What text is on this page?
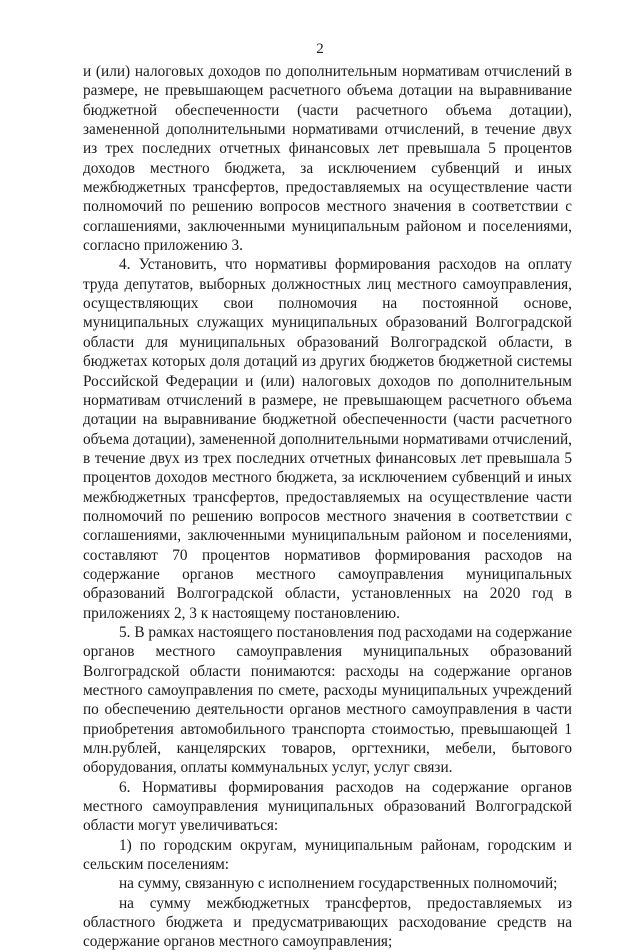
2

и (или) налоговых доходов по дополнительным нормативам отчислений в размере, не превышающем расчетного объема дотации на выравнивание бюджетной обеспеченности (части расчетного объема дотации), замененной дополнительными нормативами отчислений, в течение двух из трех последних отчетных финансовых лет превышала 5 процентов доходов местного бюджета, за исключением субвенций и иных межбюджетных трансфертов, предоставляемых на осуществление части полномочий по решению вопросов местного значения в соответствии с соглашениями, заключенными муниципальным районом и поселениями, согласно приложению 3.

4. Установить, что нормативы формирования расходов на оплату труда депутатов, выборных должностных лиц местного самоуправления, осуществляющих свои полномочия на постоянной основе, муниципальных служащих муниципальных образований Волгоградской области для муниципальных образований Волгоградской области, в бюджетах которых доля дотаций из других бюджетов бюджетной системы Российской Федерации и (или) налоговых доходов по дополнительным нормативам отчислений в размере, не превышающем расчетного объема дотации на выравнивание бюджетной обеспеченности (части расчетного объема дотации), замененной дополнительными нормативами отчислений, в течение двух из трех последних отчетных финансовых лет превышала 5 процентов доходов местного бюджета, за исключением субвенций и иных межбюджетных трансфертов, предоставляемых на осуществление части полномочий по решению вопросов местного значения в соответствии с соглашениями, заключенными муниципальным районом и поселениями, составляют 70 процентов нормативов формирования расходов на содержание органов местного самоуправления муниципальных образований Волгоградской области, установленных на 2020 год в приложениях 2, 3 к настоящему постановлению.

5. В рамках настоящего постановления под расходами на содержание органов местного самоуправления муниципальных образований Волгоградской области понимаются: расходы на содержание органов местного самоуправления по смете, расходы муниципальных учреждений по обеспечению деятельности органов местного самоуправления в части приобретения автомобильного транспорта стоимостью, превышающей 1 млн.рублей, канцелярских товаров, оргтехники, мебели, бытового оборудования, оплаты коммунальных услуг, услуг связи.

6. Нормативы формирования расходов на содержание органов местного самоуправления муниципальных образований Волгоградской области могут увеличиваться:

1) по городским округам, муниципальным районам, городским и сельским поселениям:

на сумму, связанную с исполнением государственных полномочий;

на сумму межбюджетных трансфертов, предоставляемых из областного бюджета и предусматривающих расходование средств на содержание органов местного самоуправления;
